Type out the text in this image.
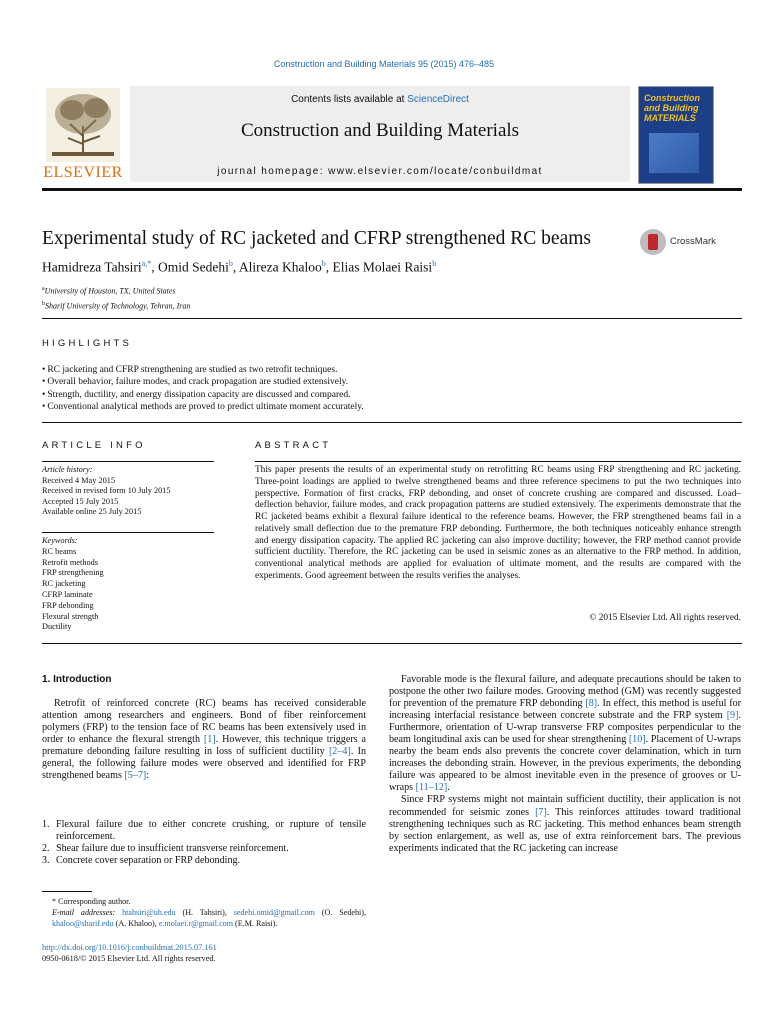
Construction and Building Materials 95 (2015) 476–485
ELSEVIER
Contents lists available at ScienceDirect
Construction and Building Materials
journal homepage: www.elsevier.com/locate/conbuildmat
Construction and Building MATERIALS
Experimental study of RC jacketed and CFRP strengthened RC beams	CrossMark
Hamidreza Tahsiri$^{a,*}$, Omid Sedehi$^b$, Alireza Khaloo$^b$, Elias Molaei Raisi$^b$
$^a$University of Houston, TX, United States
$^b$Sharif University of Technology, Tehran, Iran
HIGHLIGHTS
• RC jacketing and CFRP strengthening are studied as two retrofit techniques.
• Overall behavior, failure modes, and crack propagation are studied extensively.
• Strength, ductility, and energy dissipation capacity are discussed and compared.
• Conventional analytical methods are proved to predict ultimate moment accurately.
ARTICLE INFO	ABSTRACT
Article history:
Received 4 May 2015
Received in revised form 10 July 2015
Accepted 15 July 2015
Available online 25 July 2015
Keywords:
RC beams
Retrofit methods
FRP strengthening
RC jacketing
CFRP laminate
FRP debonding
Flexural strength
Ductility
This paper presents the results of an experimental study on retrofitting RC beams using FRP strengthening and RC jacketing. Three-point loadings are applied to twelve strengthened beams and three reference specimens to put the two techniques into perspective. Formation of first cracks, FRP debonding, and onset of concrete crushing are compared and discussed. Load–deflection behavior, failure modes, and crack propagation patterns are studied extensively. The experiments demonstrate that the RC jacketed beams exhibit a flexural failure identical to the reference beams. However, the FRP strengthened beams fail in a relatively small deflection due to the premature FRP debonding. Furthermore, the both techniques noticeably enhance strength and energy dissipation capacity. The applied RC jacketing can also improve ductility; however, the FRP method cannot provide sufficient ductility. Therefore, the RC jacketing can be used in seismic zones as an alternative to the FRP method. In addition, conventional analytical methods are applied for evaluation of ultimate moment, and the results are compared with the experiments. Good agreement between the results verifies the analyses.
© 2015 Elsevier Ltd. All rights reserved.
1. Introduction
Retrofit of reinforced concrete (RC) beams has received considerable attention among researchers and engineers. Bond of fiber reinforcement polymers (FRP) to the tension face of RC beams has been extensively used in order to enhance the flexural strength [1]. However, this technique triggers a premature debonding failure resulting in loss of sufficient ductility [2–4]. In general, the following failure modes were observed and identified for FRP strengthened beams [5–7]:
1. Flexural failure due to either concrete crushing, or rupture of tensile reinforcement.
2. Shear failure due to insufficient transverse reinforcement.
3. Concrete cover separation or FRP debonding.
* Corresponding author.
E-mail addresses: htahsiri@uh.edu (H. Tahsiri), sedehi.omid@gmail.com (O. Sedehi), khaloo@sharif.edu (A. Khaloo), e.molaei.r@gmail.com (E.M. Raisi).
http://dx.doi.org/10.1016/j.conbuildmat.2015.07.161
0950-0618/© 2015 Elsevier Ltd. All rights reserved.

Favorable mode is the flexural failure, and adequate precautions should be taken to postpone the other two failure modes. Grooving method (GM) was recently suggested for prevention of the premature FRP debonding [8]. In effect, this method is useful for increasing interfacial resistance between concrete substrate and the FRP system [9]. Furthermore, orientation of U-wrap transverse FRP composites perpendicular to the beam longitudinal axis can be used for shear strengthening [10]. Placement of U-wraps nearby the beam ends also prevents the concrete cover delamination, which in turn increases the debonding strain. However, in the previous experiments, the debonding failure was appeared to be almost inevitable even in the presence of grooves or U-wraps [11–12].

Since FRP systems might not maintain sufficient ductility, their application is not recommended for seismic zones [7]. This reinforces attitudes toward traditional strengthening techniques such as RC jacketing. This method enhances beam strength by section enlargement, as well as, use of extra reinforcement bars. The previous experiments indicated that the RC jacketing can increase
